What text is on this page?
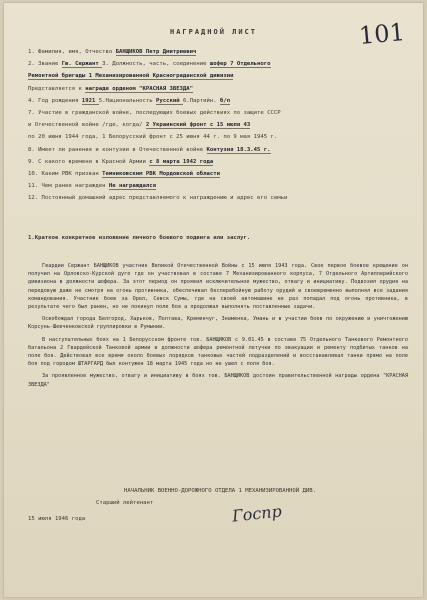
НАГРАДНОЙ ЛИСТ	101
1. Фамилия, имя, Отчество БАНЩИКОВ Петр Дмитриевич
2. Звание Гв. Сержант 3. Должность, часть, соединение шофер 7 Отдельного
Ремонтной бригады 1 Механизированной Краснограданской дивизии
Представляется к награде орденом "КРАСНАЯ ЗВЕЗДА"
4. Год рождения 1921 5.Национальность Русский 6.Партийн. б/п
7. Участие в гражданской войне, последующих боевых действиях по защите СССР
и Отечественной войне /где, когда/ 2 Украинский фронт с 15 июля 43
по 20 июня 1944 года, 1 Белорусский фронт с 25 июня 44 г. по 9 мая 1945 г.
8. Имеет ли ранения и контузии в Отечественной войне Контузия 18.3.45 г.
9. С какого времени в Красной Армии с 8 марта 1942 года
10. Каким РВК призван Темниковским РВК Мордовской области
11. Чем ранее награжден Не награждался
12. Постоянный домашний адрес представляемого к награждению и адрес его семьи
1.Краткое конкретное изложение личного боевого подвига или заслуг.

Гвардии Сержант БАНЩИКОВ участник Великой Отечественной Войны с 15 июля 1943 года. Свое первое боевое крещение он получил на Орловско-Курской дуге где он участвовал в составе 7 Механизированного корпуса, 7 Отдельного Артиллерийского дивизиона в должности шофера. За этот период он проявил исключительное мужество, отвагу и инициативу. Подвозил орудия на передовую даже не смотря на огонь противника, обеспечивал бесперебойную работу орудий и своевременно выполнял все задания командования. Участник боев за Орел, Севск Сумы, где на своей автомашине не раз попадал под огонь противника, в результате чего был ранен, но не покинул поле боя а продолжал выполнять поставленные задачи.

Освобождал города Белгород, Харьков, Полтава, Кременчуг, Знаменка, Умань и в участии боев по окружению и уничтожению Корсунь-Шевченковской группировки в Румынии.

В наступательных боях на 1 Белорусском фронте тов. БАНЩИКОВ с 9.01.45 в составе 75 Отдельного Танкового Ремонтного батальона 2 Гвардейской Танковой армии в должности шофера ремонтной летучки по эвакуации и ремонту подбитых танков на поле боя. Действовал все время около боевых порядков танковых частей подразделений и восстанавливал танки прямо на поле боя под городом ШТАРГАРД был контужен 18 марта 1945 года но не ушел с поля боя.

За проявленное мужество, отвагу и инициативу в боях тов. БАНЩИКОВ достоин правительственной награды ордена "КРАСНАЯ ЗВЕЗДА"

НАЧАЛЬНИК ВОЕННО-ДОРОЖНОГО ОТДЕЛА 1 МЕХАНИЗИРОВАННОЙ ДИВ.
Старший лейтенант
15 июля 1946 года	Госпр
